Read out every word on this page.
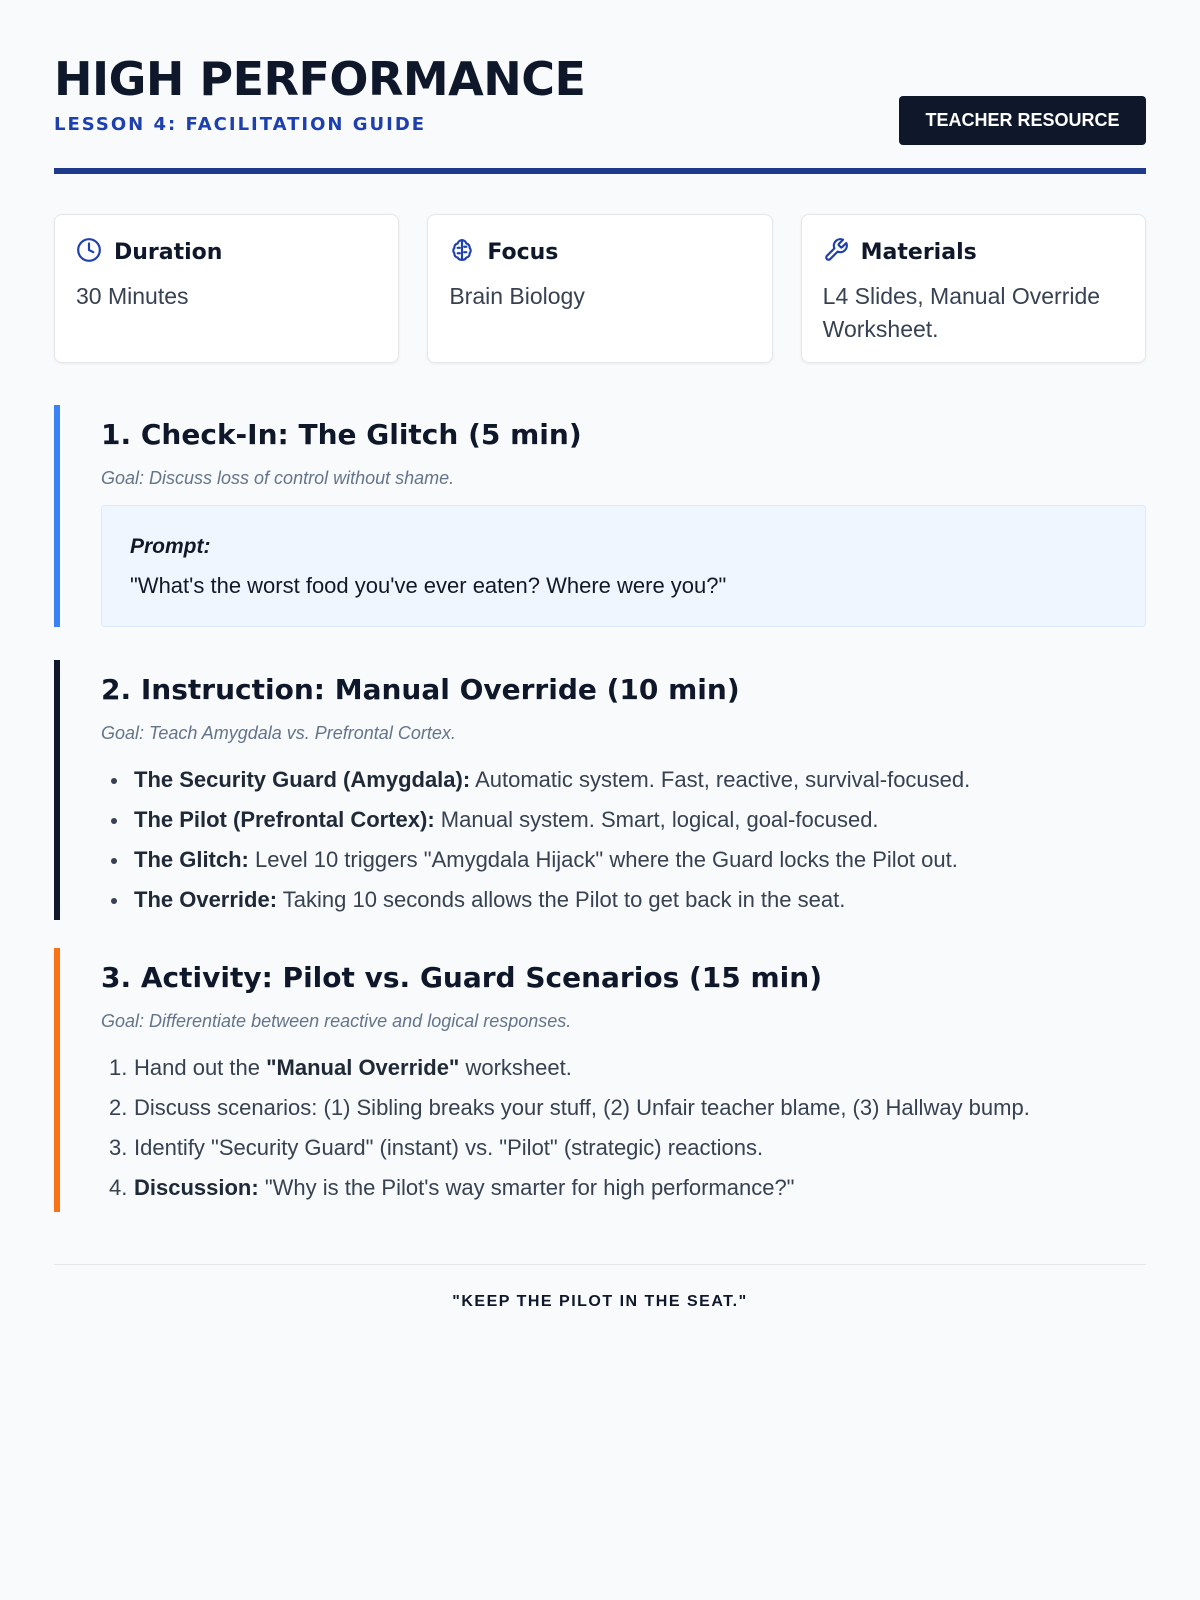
HIGH PERFORMANCE
LESSON 4: FACILITATION GUIDE	TEACHER RESOURCE
Duration
30 Minutes
Focus
Brain Biology
Materials
L4 Slides, Manual Override Worksheet.
1. Check-In: The Glitch (5 min)

Goal: Discuss loss of control without shame.

Prompt:
"What's the worst food you've ever eaten? Where were you?"
2. Instruction: Manual Override (10 min)

Goal: Teach Amygdala vs. Prefrontal Cortex.

The Security Guard (Amygdala): Automatic system. Fast, reactive, survival-focused.
The Pilot (Prefrontal Cortex): Manual system. Smart, logical, goal-focused.
The Glitch: Level 10 triggers "Amygdala Hijack" where the Guard locks the Pilot out.
The Override: Taking 10 seconds allows the Pilot to get back in the seat.
3. Activity: Pilot vs. Guard Scenarios (15 min)

Goal: Differentiate between reactive and logical responses.

1. Hand out the "Manual Override" worksheet.
2. Discuss scenarios: (1) Sibling breaks your stuff, (2) Unfair teacher blame, (3) Hallway bump.
3. Identify "Security Guard" (instant) vs. "Pilot" (strategic) reactions.
4. Discussion: "Why is the Pilot's way smarter for high performance?"
"KEEP THE PILOT IN THE SEAT."
